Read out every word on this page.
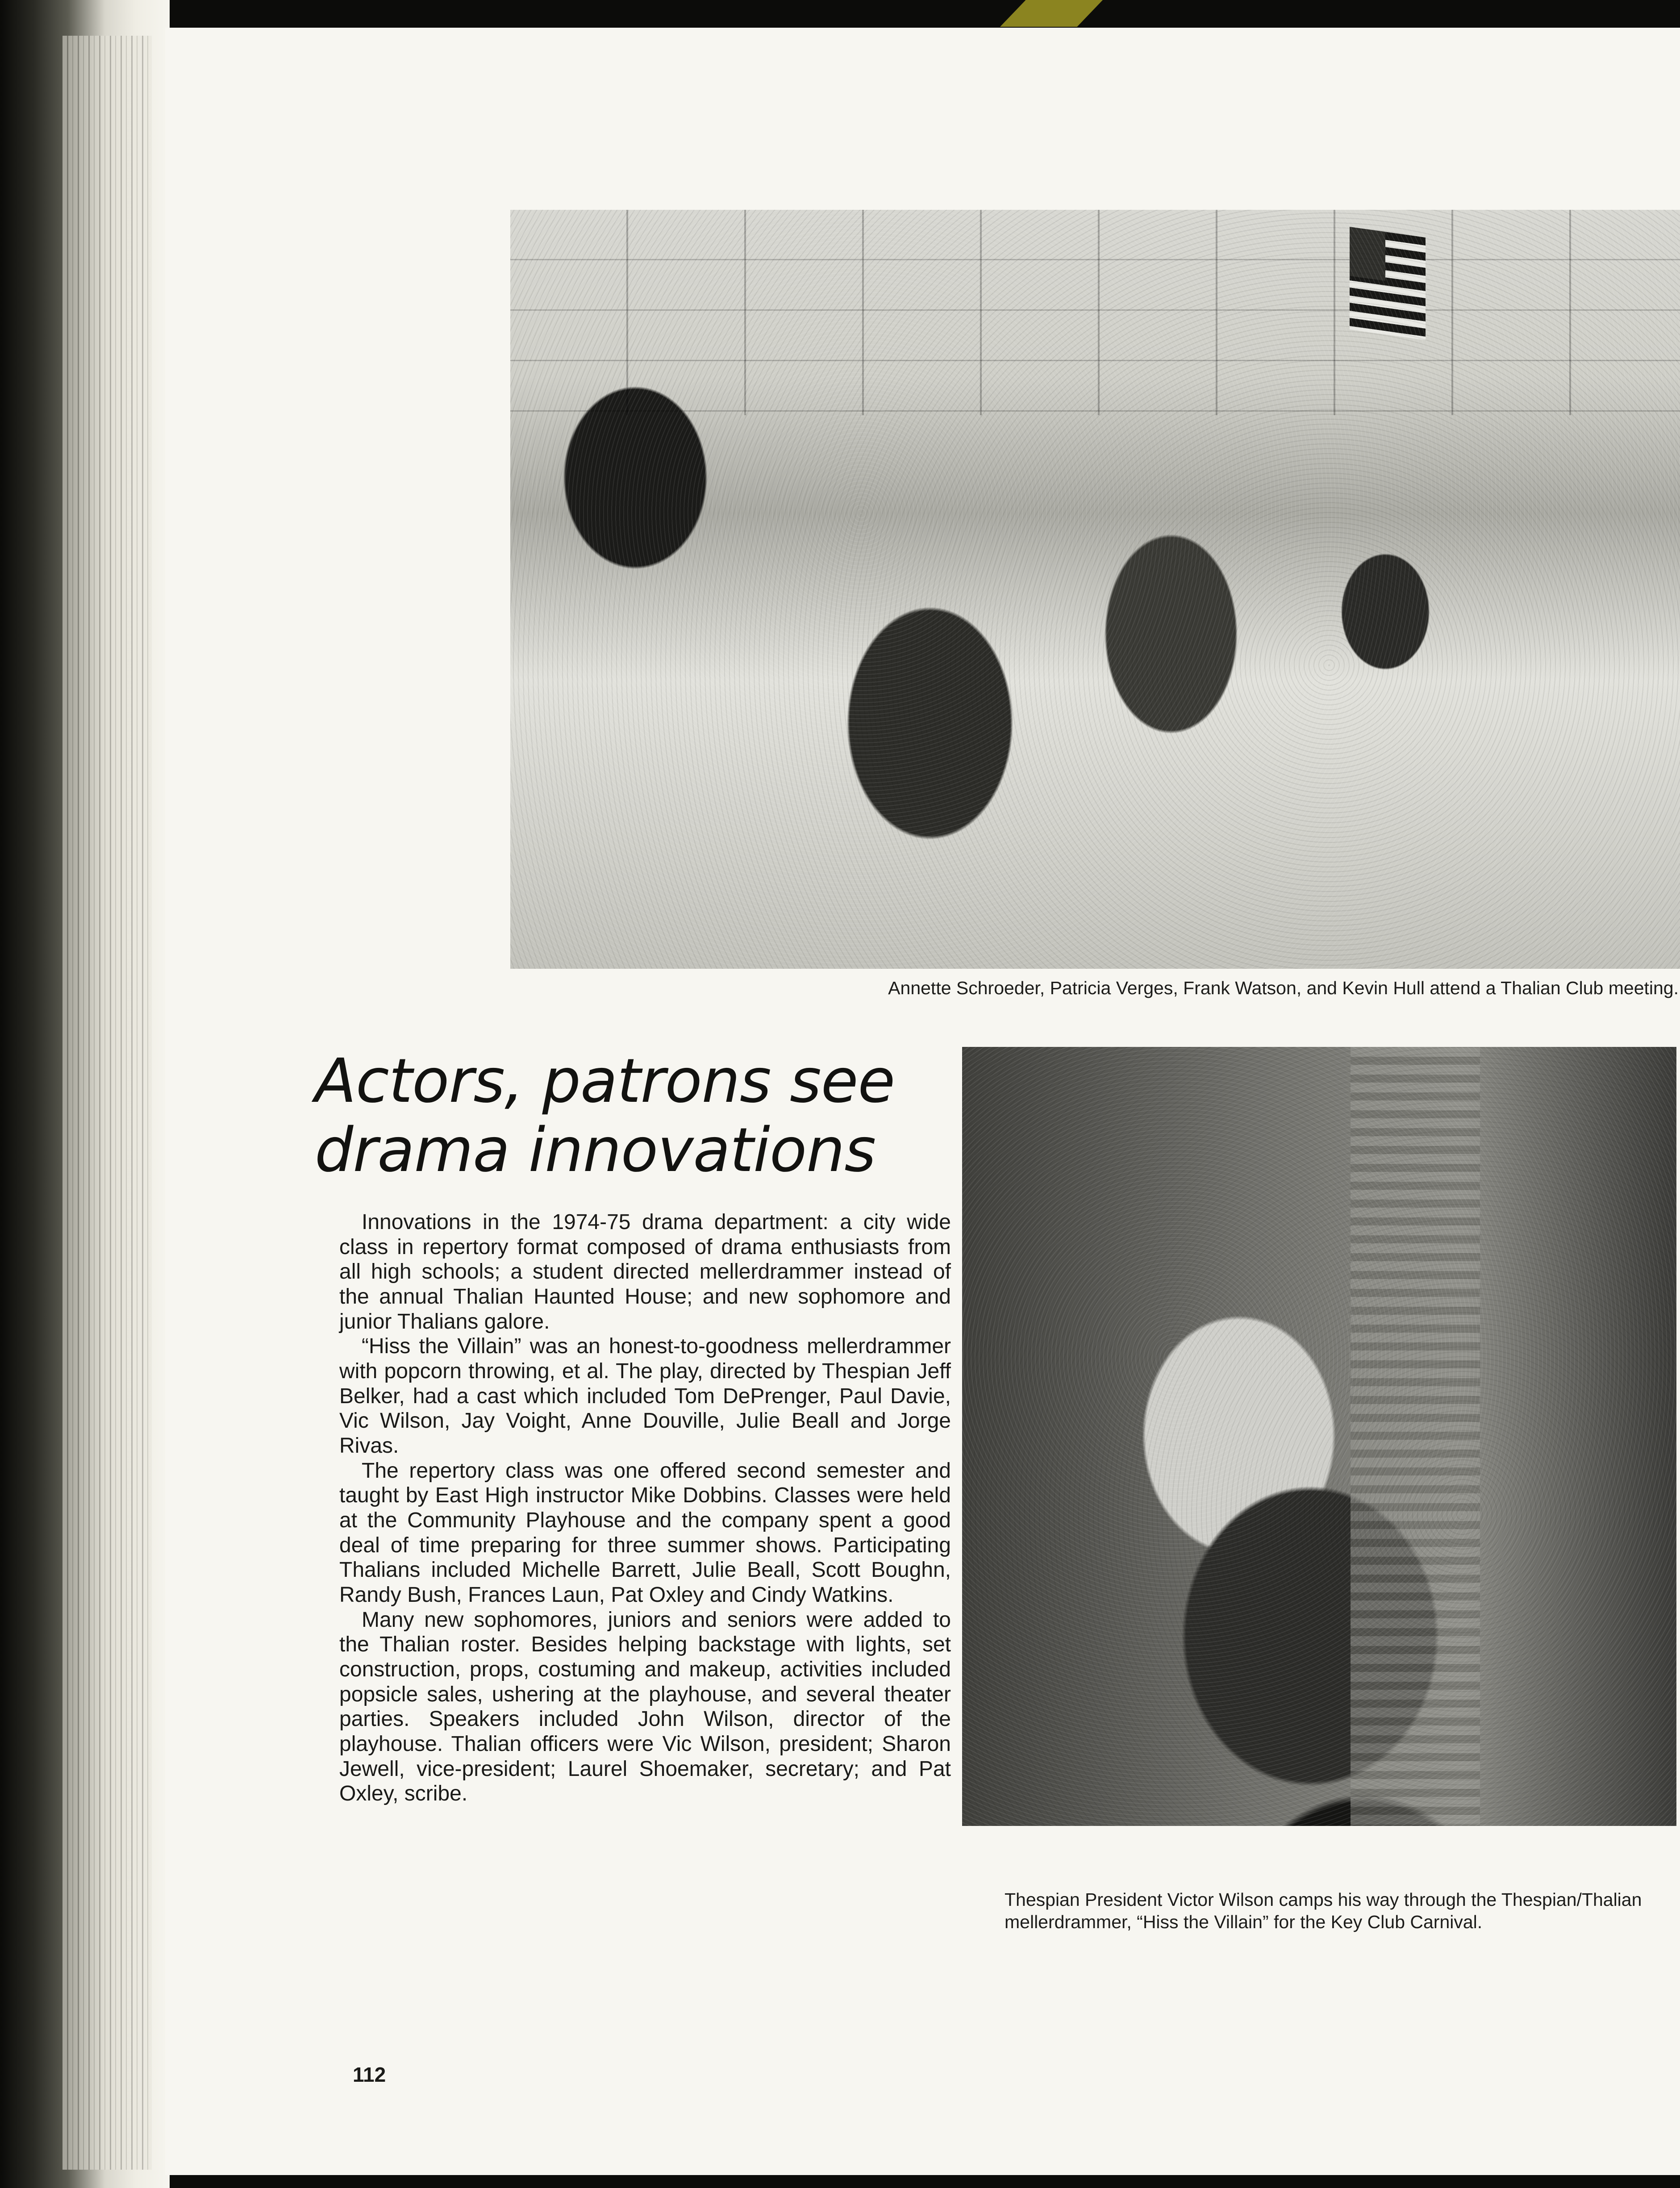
Annette Schroeder, Patricia Verges, Frank Watson, and Kevin Hull attend a Thalian Club meeting.
Actors, patrons see drama innovations

Innovations in the 1974-75 drama department: a city wide class in repertory format composed of drama enthusiasts from all high schools; a student directed mellerdrammer instead of the annual Thalian Haunted House; and new sophomore and junior Thalians galore.

“Hiss the Villain” was an honest-to-goodness mellerdrammer with popcorn throwing, et al. The play, directed by Thespian Jeff Belker, had a cast which included Tom DePrenger, Paul Davie, Vic Wilson, Jay Voight, Anne Douville, Julie Beall and Jorge Rivas.

The repertory class was one offered second semester and taught by East High instructor Mike Dobbins. Classes were held at the Community Playhouse and the company spent a good deal of time preparing for three summer shows. Participating Thalians included Michelle Barrett, Julie Beall, Scott Boughn, Randy Bush, Frances Laun, Pat Oxley and Cindy Watkins.

Many new sophomores, juniors and seniors were added to the Thalian roster. Besides helping backstage with lights, set construction, props, costuming and makeup, activities included popsicle sales, ushering at the playhouse, and several theater parties. Speakers included John Wilson, director of the playhouse. Thalian officers were Vic Wilson, president; Sharon Jewell, vice-president; Laurel Shoemaker, secretary; and Pat Oxley, scribe.

Thespian President Victor Wilson camps his way through the Thespian/Thalian mellerdrammer, “Hiss the Villain” for the Key Club Carnival.
112
